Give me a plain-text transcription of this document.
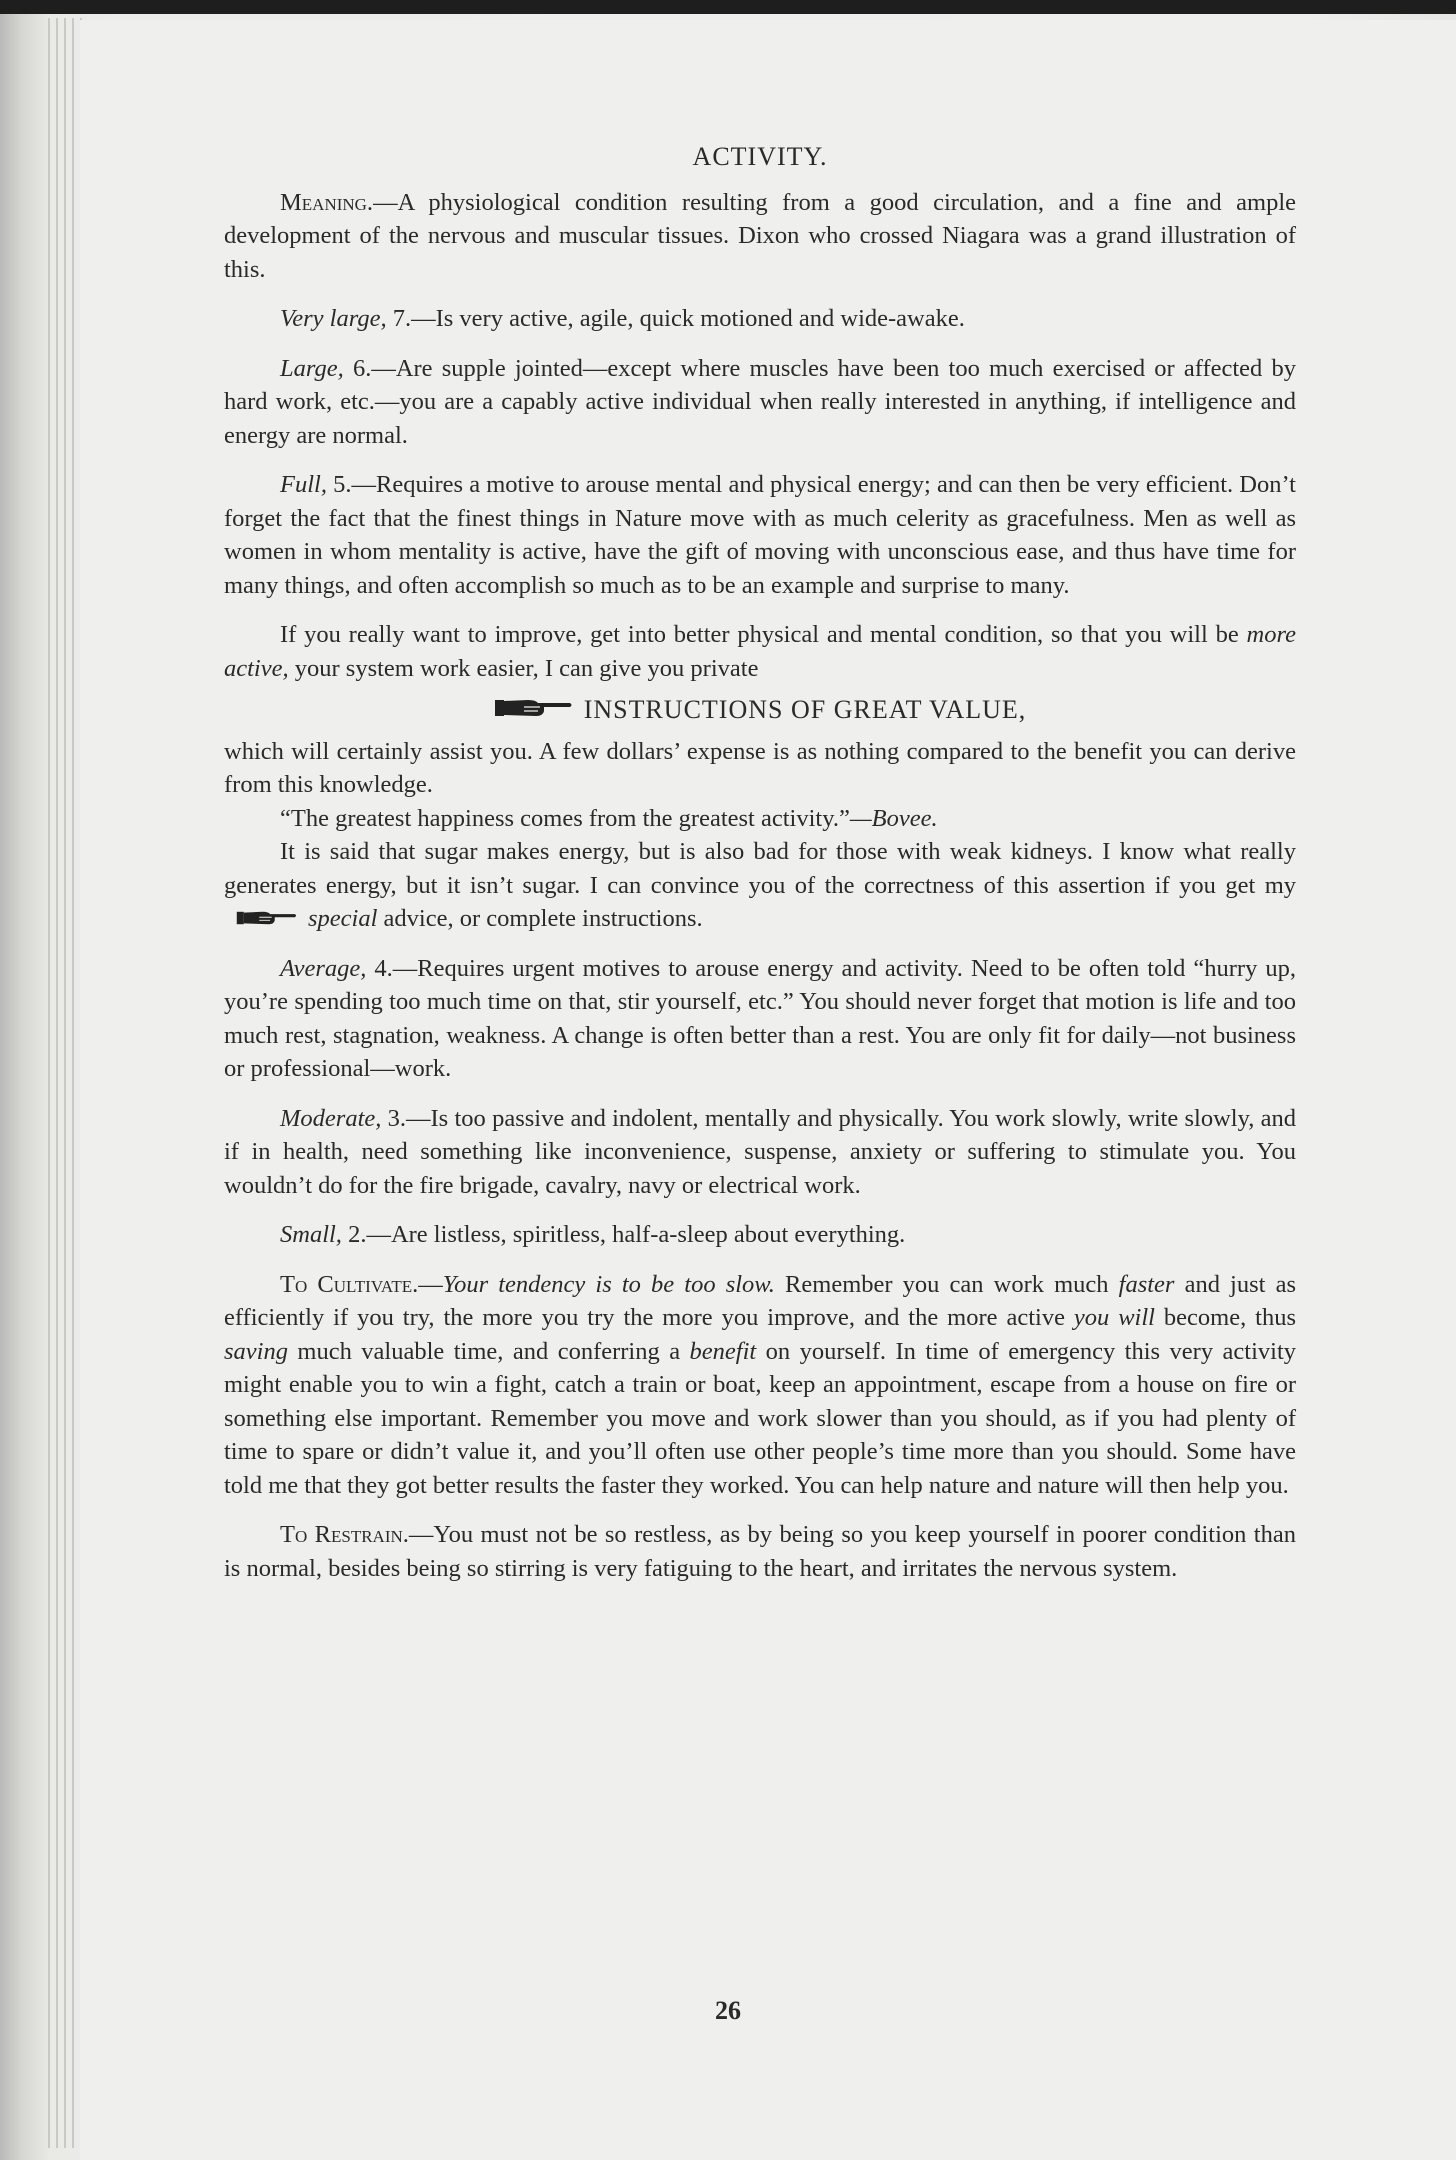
ACTIVITY.

Meaning.—A physiological condition resulting from a good circulation, and a fine and ample development of the nervous and muscular tissues. Dixon who crossed Niagara was a grand illustration of this.

Very large, 7.—Is very active, agile, quick motioned and wide-awake.

Large, 6.—Are supple jointed—except where muscles have been too much exercised or affected by hard work, etc.—you are a capably active individual when really interested in anything, if intelligence and energy are normal.

Full, 5.—Requires a motive to arouse mental and physical energy; and can then be very efficient. Don’t forget the fact that the finest things in Nature move with as much celerity as gracefulness. Men as well as women in whom mentality is active, have the gift of moving with unconscious ease, and thus have time for many things, and often accomplish so much as to be an example and surprise to many.

If you really want to improve, get into better physical and mental condition, so that you will be more active, your system work easier, I can give you private

INSTRUCTIONS OF GREAT VALUE,

which will certainly assist you. A few dollars’ expense is as nothing compared to the benefit you can derive from this knowledge.

“The greatest happiness comes from the greatest activity.”—Bovee.

It is said that sugar makes energy, but is also bad for those with weak kidneys. I know what really generates energy, but it isn’t sugar. I can convince you of the correctness of this assertion if you get myspecial advice, or complete instructions.

Average, 4.—Requires urgent motives to arouse energy and activity. Need to be often told “hurry up, you’re spending too much time on that, stir yourself, etc.” You should never forget that motion is life and too much rest, stagnation, weakness. A change is often better than a rest. You are only fit for daily—not business or professional—work.

Moderate, 3.—Is too passive and indolent, mentally and physically. You work slowly, write slowly, and if in health, need something like inconvenience, suspense, anxiety or suffering to stimulate you. You wouldn’t do for the fire brigade, cavalry, navy or electrical work.

Small, 2.—Are listless, spiritless, half-a-sleep about everything.

To Cultivate.—Your tendency is to be too slow. Remember you can work much faster and just as efficiently if you try, the more you try the more you improve, and the more active you will become, thus saving much valuable time, and conferring a benefit on yourself. In time of emergency this very activity might enable you to win a fight, catch a train or boat, keep an appointment, escape from a house on fire or something else important. Remember you move and work slower than you should, as if you had plenty of time to spare or didn’t value it, and you’ll often use other people’s time more than you should. Some have told me that they got better results the faster they worked. You can help nature and nature will then help you.

To Restrain.—You must not be so restless, as by being so you keep yourself in poorer condition than is normal, besides being so stirring is very fatiguing to the heart, and irritates the nervous system.

26
